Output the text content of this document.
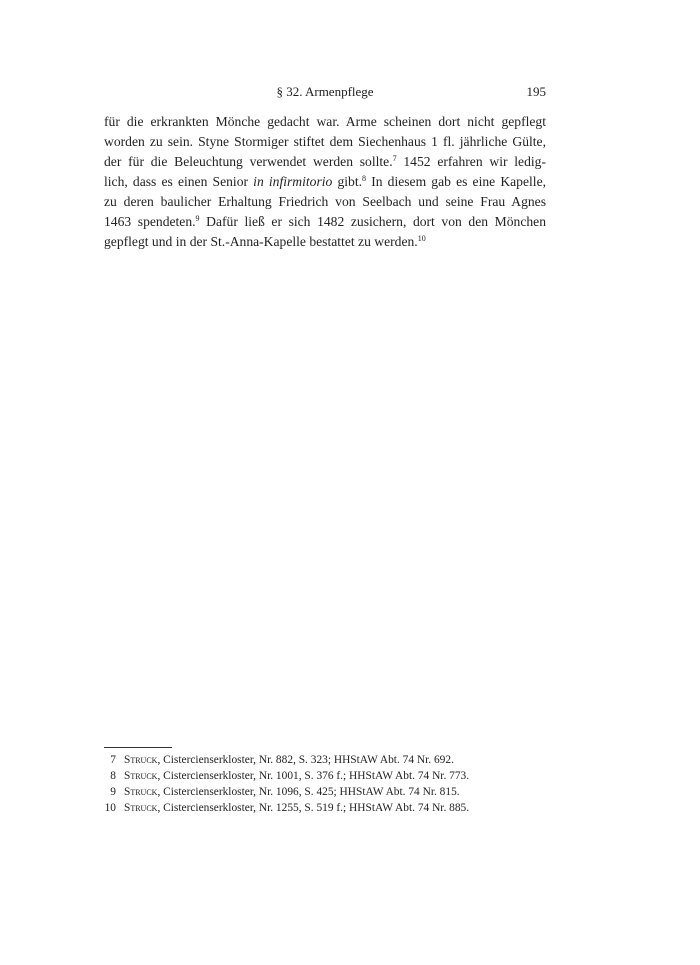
§ 32. Armenpflege	195
für die erkrankten Mönche gedacht war. Arme scheinen dort nicht gepflegt
worden zu sein. Styne Stormiger stiftet dem Siechenhaus 1 fl. jährliche Gülte,
der für die Beleuchtung verwendet werden sollte.$^7$ 1452 erfahren wir ledig-
lich, dass es einen Senior in infirmitorio gibt.$^8$ In diesem gab es eine Kapelle,
zu deren baulicher Erhaltung Friedrich von Seelbach und seine Frau Agnes
1463 spendeten.$^9$ Dafür ließ er sich 1482 zusichern, dort von den Mönchen
gepflegt und in der St.-Anna-Kapelle bestattet zu werden.$^{10}$
7 Struck, Cistercienserkloster, Nr. 882, S. 323; HHStAW Abt. 74 Nr. 692.
8 Struck, Cistercienserkloster, Nr. 1001, S. 376 f.; HHStAW Abt. 74 Nr. 773.
9 Struck, Cistercienserkloster, Nr. 1096, S. 425; HHStAW Abt. 74 Nr. 815.
10 Struck, Cistercienserkloster, Nr. 1255, S. 519 f.; HHStAW Abt. 74 Nr. 885.
